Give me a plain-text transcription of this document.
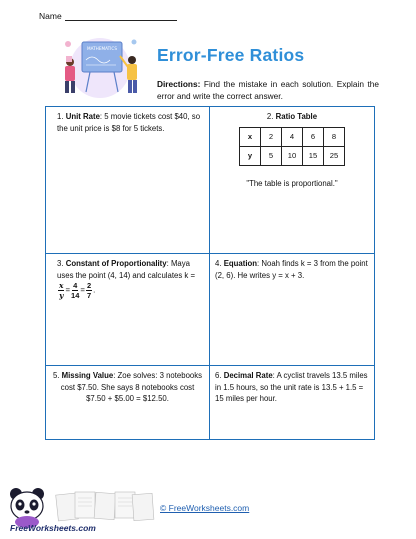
Name
MATHEMATICS Error-Free Ratios
Directions: Find the mistake in each solution. Explain the error and write the correct answer.
1. Unit Rate: 5 movie tickets cost $40, so the unit price is $8 for 5 tickets.
2. Ratio Table
x	2	4	6	8
y	5	10	15	25
"The table is proportional."
3. Constant of Proportionality: Maya uses the point (4, 14) and calculates k =
$\frac{x}{y} = \frac{4}{14} = \frac{2}{7}$ .
4. Equation: Noah finds k = 3 from the point (2, 6). He writes y = x + 3.
5. Missing Value: Zoe solves: 3 notebooks cost $7.50. She says 8 notebooks cost $7.50 + $5.00 = $12.50.
6. Decimal Rate: A cyclist travels 13.5 miles in 1.5 hours, so the unit rate is 13.5 + 1.5 = 15 miles per hour.
FreeWorksheets.com
© FreeWorksheets.com
